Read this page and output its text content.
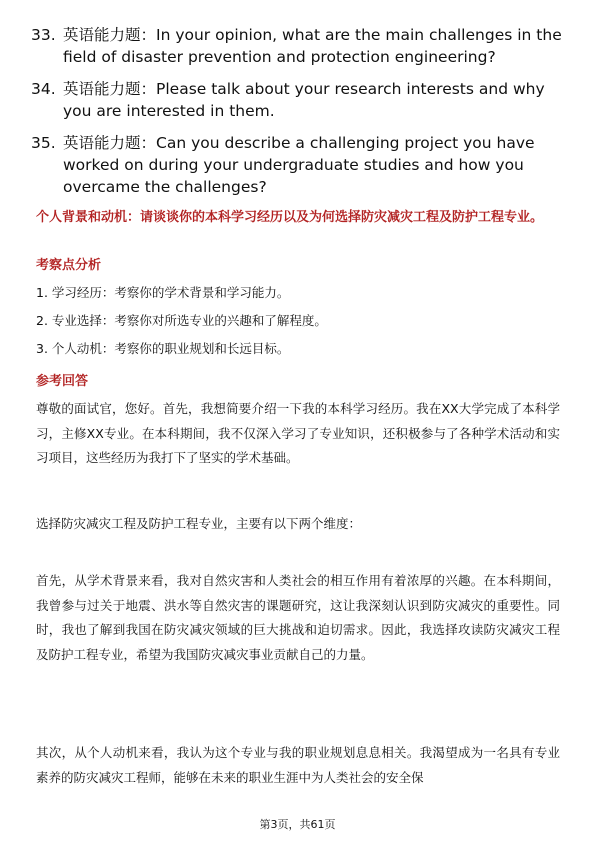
33. 英语能力题：In your opinion, what are the main challenges in the field of disaster prevention and protection engineering?
34. 英语能力题：Please talk about your research interests and why you are interested in them.
35. 英语能力题：Can you describe a challenging project you have worked on during your undergraduate studies and how you overcame the challenges?
个人背景和动机：请谈谈你的本科学习经历以及为何选择防灾减灾工程及防护工程专业。
考察点分析
1. 学习经历：考察你的学术背景和学习能力。
2. 专业选择：考察你对所选专业的兴趣和了解程度。
3. 个人动机：考察你的职业规划和长远目标。
参考回答
尊敬的面试官，您好。首先，我想简要介绍一下我的本科学习经历。我在XX大学完成了本科学习，主修XX专业。在本科期间，我不仅深入学习了专业知识，还积极参与了各种学术活动和实习项目，这些经历为我打下了坚实的学术基础。
选择防灾减灾工程及防护工程专业，主要有以下两个维度：
首先，从学术背景来看，我对自然灾害和人类社会的相互作用有着浓厚的兴趣。在本科期间，我曾参与过关于地震、洪水等自然灾害的课题研究，这让我深刻认识到防灾减灾的重要性。同时，我也了解到我国在防灾减灾领域的巨大挑战和迫切需求。因此，我选择攻读防灾减灾工程及防护工程专业，希望为我国防灾减灾事业贡献自己的力量。
其次，从个人动机来看，我认为这个专业与我的职业规划息息相关。我渴望成为一名具有专业素养的防灾减灾工程师，能够在未来的职业生涯中为人类社会的安全保
第3页，共61页
